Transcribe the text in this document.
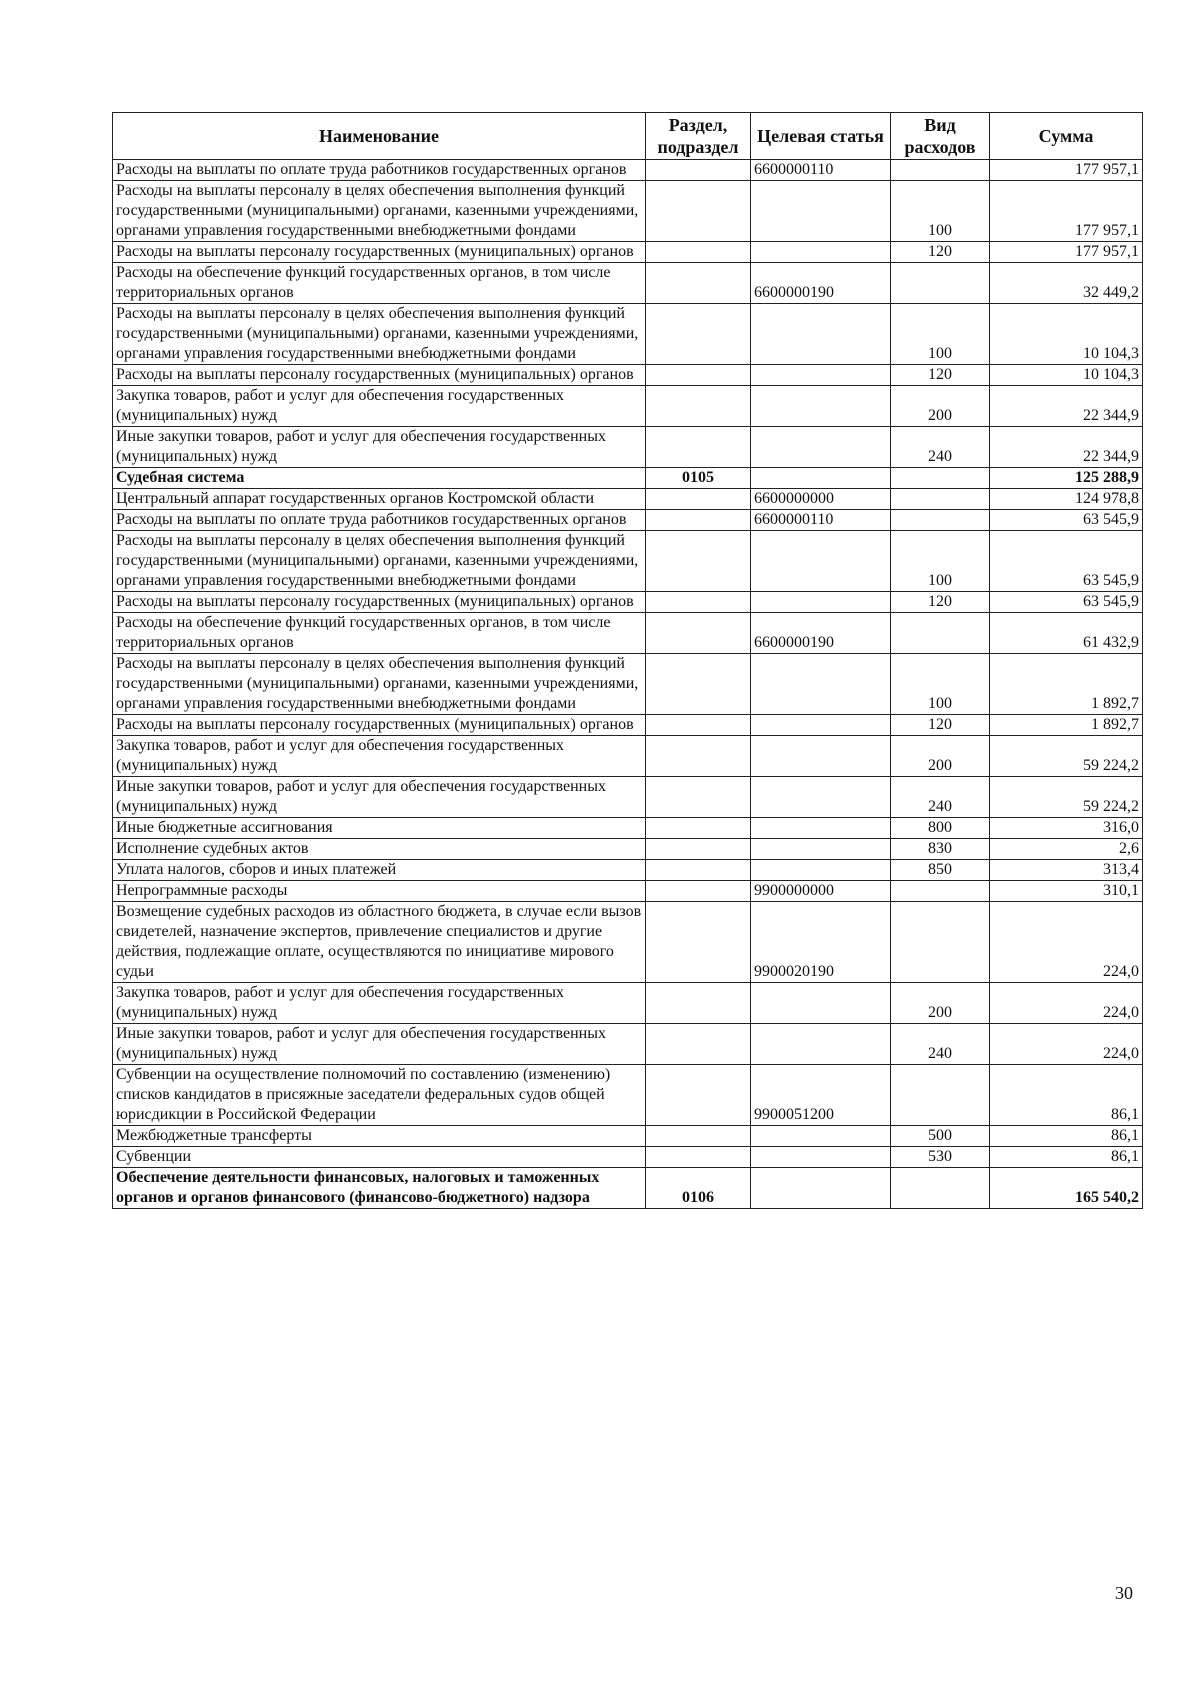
Наименование	Раздел, подраздел	Целевая статья	Вид расходов	Сумма
Расходы на выплаты по оплате труда работников государственных органов		6600000110		177 957,1
Расходы на выплаты персоналу в целях обеспечения выполнения функций государственными (муниципальными) органами, казенными учреждениями, органами управления государственными внебюджетными фондами			100	177 957,1
Расходы на выплаты персоналу государственных (муниципальных) органов			120	177 957,1
Расходы на обеспечение функций государственных органов, в том числе территориальных органов		6600000190		32 449,2
Расходы на выплаты персоналу в целях обеспечения выполнения функций государственными (муниципальными) органами, казенными учреждениями, органами управления государственными внебюджетными фондами			100	10 104,3
Расходы на выплаты персоналу государственных (муниципальных) органов			120	10 104,3
Закупка товаров, работ и услуг для обеспечения государственных (муниципальных) нужд			200	22 344,9
Иные закупки товаров, работ и услуг для обеспечения государственных (муниципальных) нужд			240	22 344,9
Судебная система	0105			125 288,9
Центральный аппарат государственных органов Костромской области		6600000000		124 978,8
Расходы на выплаты по оплате труда работников государственных органов		6600000110		63 545,9
Расходы на выплаты персоналу в целях обеспечения выполнения функций государственными (муниципальными) органами, казенными учреждениями, органами управления государственными внебюджетными фондами			100	63 545,9
Расходы на выплаты персоналу государственных (муниципальных) органов			120	63 545,9
Расходы на обеспечение функций государственных органов, в том числе территориальных органов		6600000190		61 432,9
Расходы на выплаты персоналу в целях обеспечения выполнения функций государственными (муниципальными) органами, казенными учреждениями, органами управления государственными внебюджетными фондами			100	1 892,7
Расходы на выплаты персоналу государственных (муниципальных) органов			120	1 892,7
Закупка товаров, работ и услуг для обеспечения государственных (муниципальных) нужд			200	59 224,2
Иные закупки товаров, работ и услуг для обеспечения государственных (муниципальных) нужд			240	59 224,2
Иные бюджетные ассигнования			800	316,0
Исполнение судебных актов			830	2,6
Уплата налогов, сборов и иных платежей			850	313,4
Непрограммные расходы		9900000000		310,1
Возмещение судебных расходов из областного бюджета, в случае если вызов свидетелей, назначение экспертов, привлечение специалистов и другие действия, подлежащие оплате, осуществляются по инициативе мирового судьи		9900020190		224,0
Закупка товаров, работ и услуг для обеспечения государственных (муниципальных) нужд			200	224,0
Иные закупки товаров, работ и услуг для обеспечения государственных (муниципальных) нужд			240	224,0
Субвенции на осуществление полномочий по составлению (изменению) списков кандидатов в присяжные заседатели федеральных судов общей юрисдикции в Российской Федерации		9900051200		86,1
Межбюджетные трансферты			500	86,1
Субвенции			530	86,1
Обеспечение деятельности финансовых, налоговых и таможенных органов и органов финансового (финансово-бюджетного) надзора	0106			165 540,2
30
